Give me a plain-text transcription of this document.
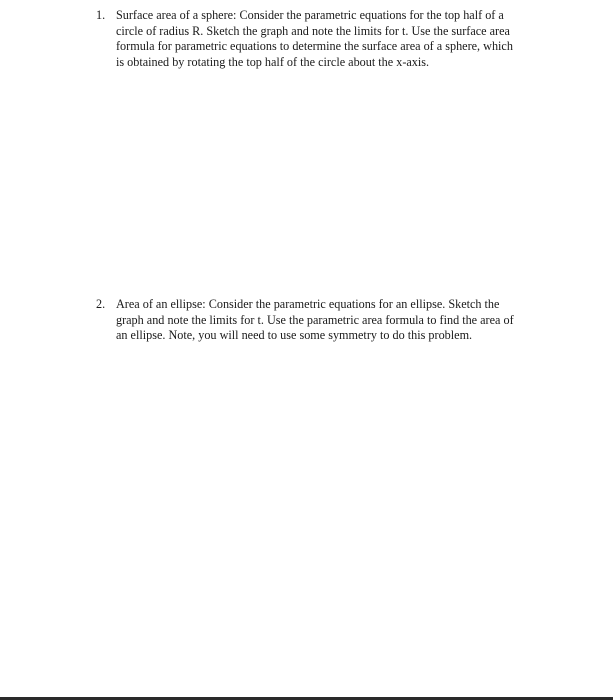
1. Surface area of a sphere: Consider the parametric equations for the top half of a
circle of radius R. Sketch the graph and note the limits for t. Use the surface area
formula for parametric equations to determine the surface area of a sphere, which
is obtained by rotating the top half of the circle about the x-axis.
2. Area of an ellipse: Consider the parametric equations for an ellipse. Sketch the
graph and note the limits for t. Use the parametric area formula to find the area of
an ellipse. Note, you will need to use some symmetry to do this problem.
